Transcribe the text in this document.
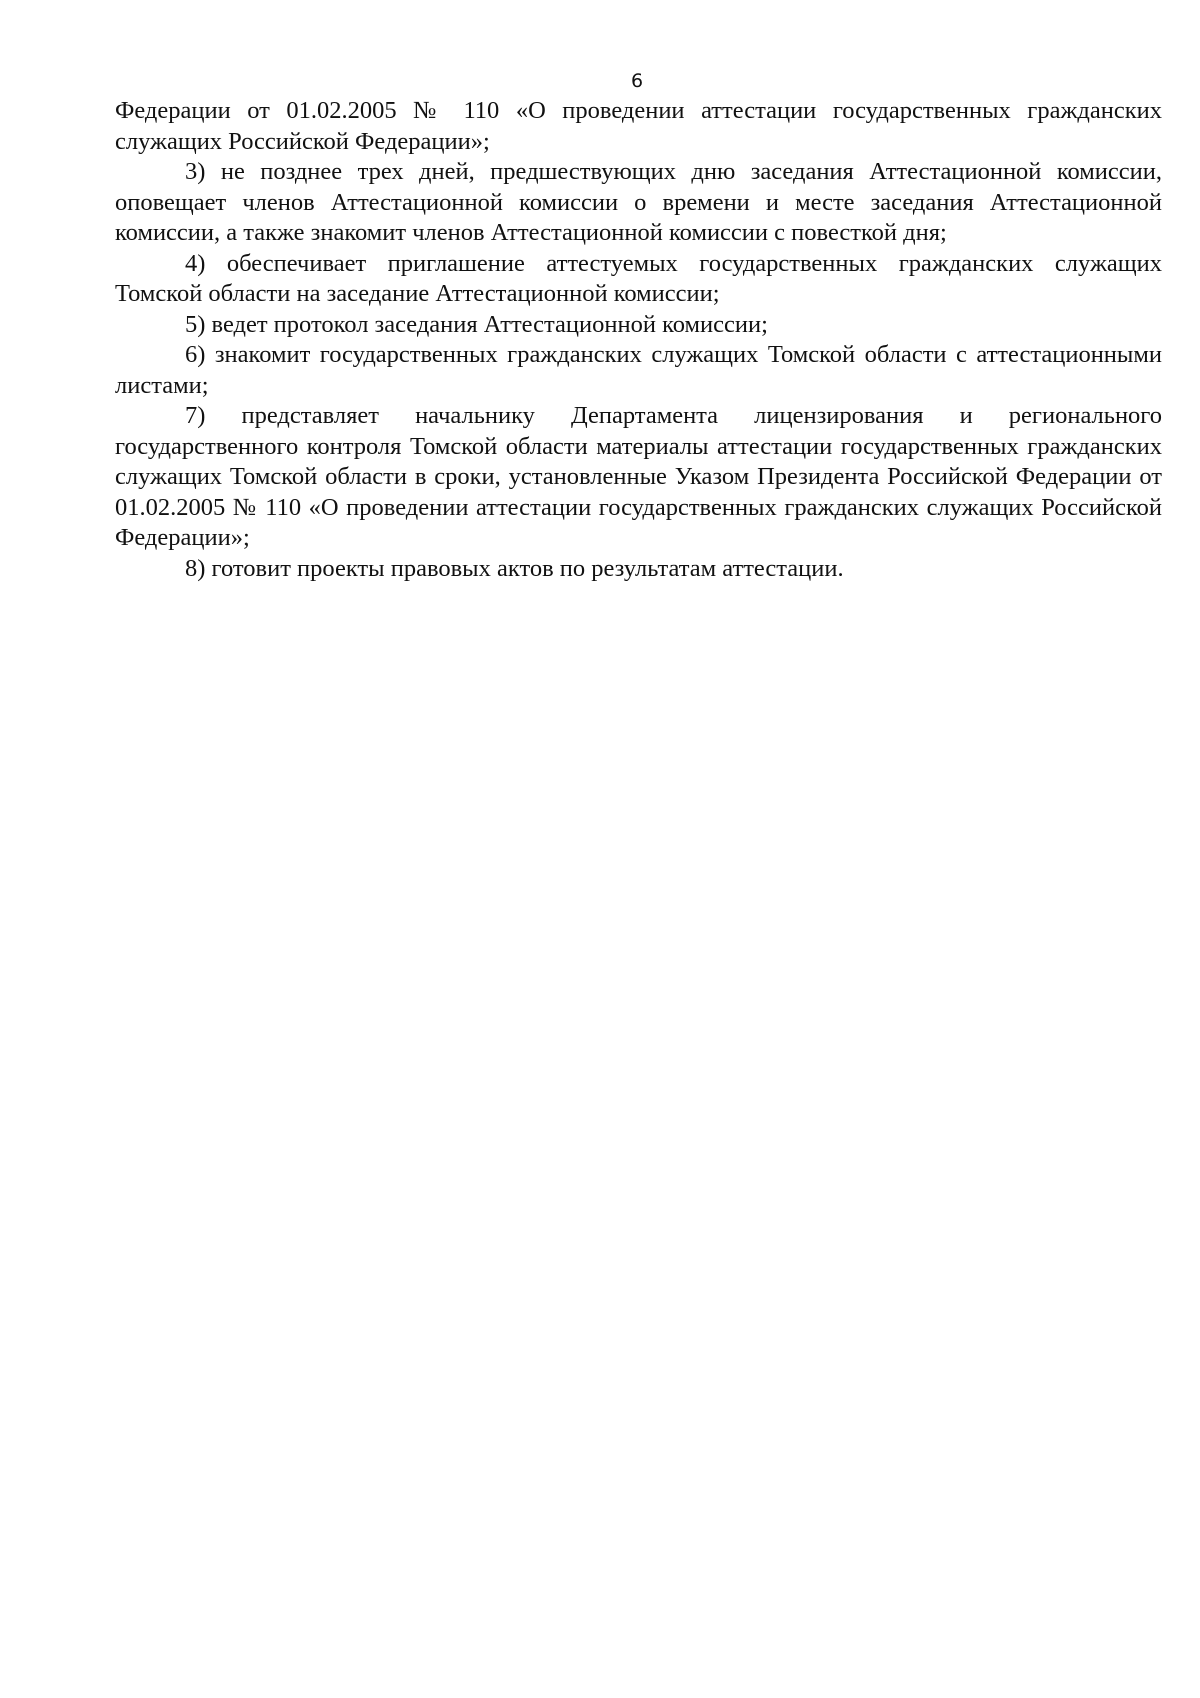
6

Федерации от 01.02.2005 № 110 «О проведении аттестации государственных гражданских служащих Российской Федерации»;

3) не позднее трех дней, предшествующих дню заседания Аттестационной комиссии, оповещает членов Аттестационной комиссии о времени и месте заседания Аттестационной комиссии, а также знакомит членов Аттестационной комиссии с повесткой дня;

4) обеспечивает приглашение аттестуемых государственных гражданских служащих Томской области на заседание Аттестационной комиссии;

5) ведет протокол заседания Аттестационной комиссии;

6) знакомит государственных гражданских служащих Томской области с аттестационными листами;

7) представляет начальнику Департамента лицензирования и регионального государственного контроля Томской области материалы аттестации государственных гражданских служащих Томской области в сроки, установленные Указом Президента Российской Федерации от 01.02.2005 № 110 «О проведении аттестации государственных гражданских служащих Российской Федерации»;

8) готовит проекты правовых актов по результатам аттестации.
